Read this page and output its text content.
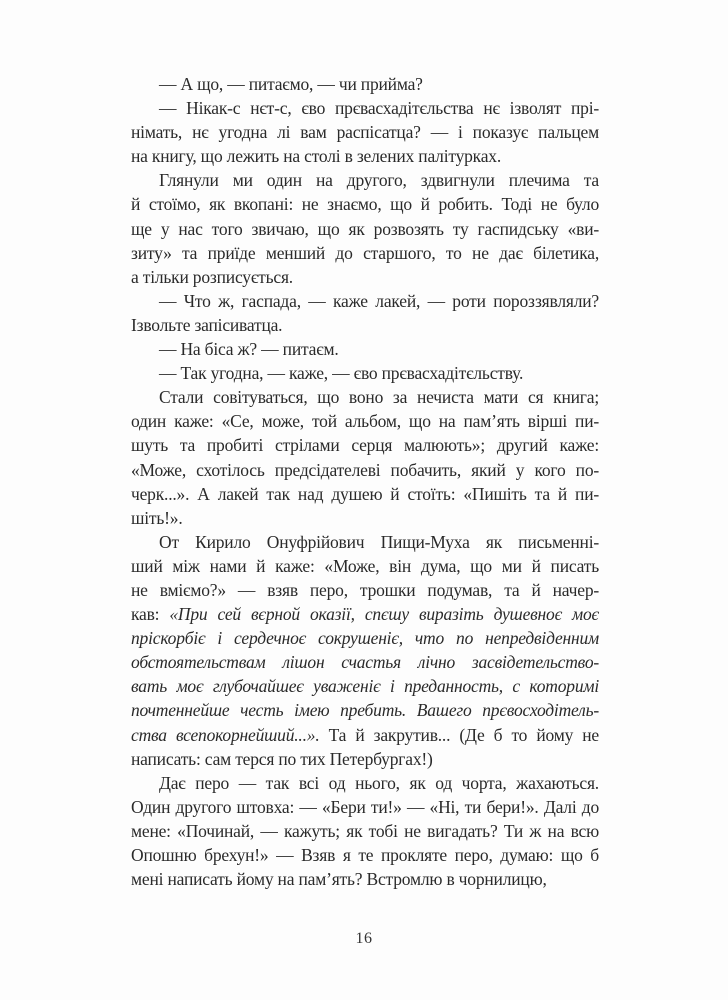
— А що, — питаємо, — чи прийма?
— Нікак-с нєт-с, єво прєвасхадітєльства нє ізволят прі-
німать, нє угодна лі вам распісатца? — і показує пальцем
на книгу, що лежить на столі в зелених палітурках.
Глянули ми один на другого, здвигнули плечима та
й стоїмо, як вкопані: не знаємо, що й робить. Тоді не було
ще у нас того звичаю, що як розвозять ту гаспидську «ви-
зиту» та приїде менший до старшого, то не дає білетика,
а тільки розписується.
— Что ж, гаспада, — каже лакей, — роти пороззявляли?
Ізвольте запісиватца.
— На біса ж? — питаєм.
— Так угодна, — каже, — єво прєвасхадітєльству.
Стали совітуваться, що воно за нечиста мати ся книга;
один каже: «Се, може, той альбом, що на пам’ять вірші пи-
шуть та пробиті стрілами серця малюють»; другий каже:
«Може, схотілось предсідателеві побачить, який у кого по-
черк...». А лакей так над душею й стоїть: «Пишіть та й пи-
шіть!».
От Кирило Онуфрійович Пищи-Муха як письменні-
ший між нами й каже: «Може, він дума, що ми й писать
не вміємо?» — взяв перо, трошки подумав, та й начер-
кав: «При сей вєрной оказії, спєшу виразіть душевноє моє
пріскорбіє і сердечноє сокрушеніє, что по непредвіденним
обстоятельствам лішон счастья лічно засвідетельство-
вать моє глубочайшеє уваженіє і преданность, с которимі
почтеннейше честь імею пребить. Вашего прєвосходітель-
ства всепокорнейший...». Та й закрутив... (Де б то йому не
написать: сам терся по тих Петербургах!)
Дає перо — так всі од нього, як од чорта, жахаються.
Один другого штовха: — «Бери ти!» — «Ні, ти бери!». Далі до
мене: «Починай, — кажуть; як тобі не вигадать? Ти ж на всю
Опошню брехун!» — Взяв я те прокляте перо, думаю: що б
мені написать йому на пам’ять? Встромлю в чорнилицю,
16
